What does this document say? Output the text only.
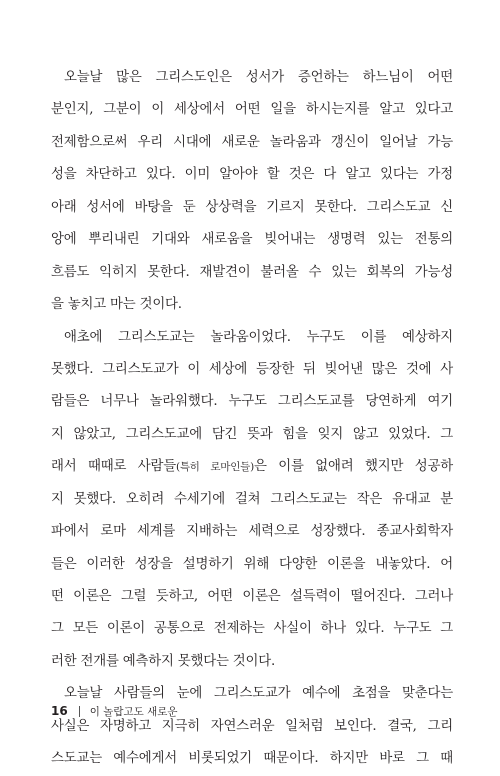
오늘날 많은 그리스도인은 성서가 증언하는 하느님이 어떤
분인지, 그분이 이 세상에서 어떤 일을 하시는지를 알고 있다고
전제함으로써 우리 시대에 새로운 놀라움과 갱신이 일어날 가능
성을 차단하고 있다. 이미 알아야 할 것은 다 알고 있다는 가정
아래 성서에 바탕을 둔 상상력을 기르지 못한다. 그리스도교 신
앙에 뿌리내린 기대와 새로움을 빚어내는 생명력 있는 전통의
흐름도 익히지 못한다. 재발견이 불러올 수 있는 회복의 가능성
을 놓치고 마는 것이다.
애초에 그리스도교는 놀라움이었다. 누구도 이를 예상하지
못했다. 그리스도교가 이 세상에 등장한 뒤 빚어낸 많은 것에 사
람들은 너무나 놀라워했다. 누구도 그리스도교를 당연하게 여기
지 않았고, 그리스도교에 담긴 뜻과 힘을 잊지 않고 있었다. 그
래서 때때로 사람들(특히 로마인들)은 이를 없애려 했지만 성공하
지 못했다. 오히려 수세기에 걸쳐 그리스도교는 작은 유대교 분
파에서 로마 세계를 지배하는 세력으로 성장했다. 종교사회학자
들은 이러한 성장을 설명하기 위해 다양한 이론을 내놓았다. 어
떤 이론은 그럴 듯하고, 어떤 이론은 설득력이 떨어진다. 그러나
그 모든 이론이 공통으로 전제하는 사실이 하나 있다. 누구도 그
러한 전개를 예측하지 못했다는 것이다.
오늘날 사람들의 눈에 그리스도교가 예수에 초점을 맞춘다는
사실은 자명하고 지극히 자연스러운 일처럼 보인다. 결국, 그리
스도교는 예수에게서 비롯되었기 때문이다. 하지만 바로 그 때
16 이 놀랍고도 새로운
